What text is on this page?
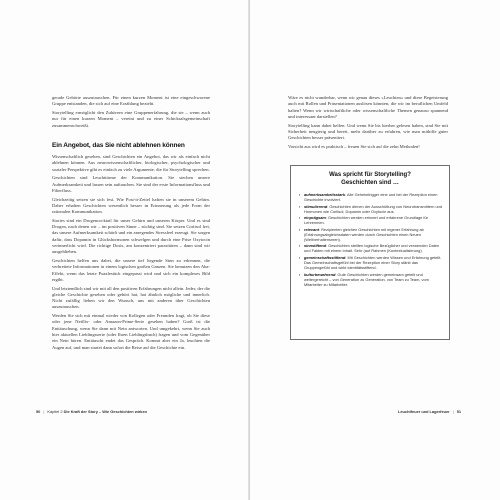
gerade Gehörte auszutauschen. Für einen kurzen Moment ist eine eingeschworene Gruppe entstanden, die sich auf eine Erzählung bezieht.

Storytelling ermöglicht den Zuhörern eine Gruppenerfahrung, die sie – wenn auch nur für einen kurzen Moment – vereint und zu einer Schicksalsgemeinschaft zusammenschweißt.

Ein Angebot, das Sie nicht ablehnen können

Wissenschaftlich gesehen, sind Geschichten ein Angebot, das wir als einfach nicht ablehnen können. Aus neurowissenschaftlicher, biologischer, psychologischer und sozialer Perspektive gibt es einfach zu viele Argumente, die für Storytelling sprechen.

Geschichten sind Leuchttürme der Kommunikation. Sie stechen unsere Aufmerksamkeit und lassen sein auftauchen. Sie sind der erste Informationsfluss und Filterfluss.

Gleichzeitig setzen sie sich fest. Wie Post-it-Zettel haften sie in unserem Gehirn. Daher erhalten Geschichten wesentlich besser in Erinnerung als jede Form der rationalen Kommunikation.

Stories sind ein Drogencocktail für unser Gehirn und unseren Körper. Und es sind Drogen, nach denen wir – im positiven Sinne – süchtig sind. Sie setzen Cortisol frei, das unsere Aufmerksamkeit schärft und ein anregendes Stressfeel erzeugt. Sie sorgen dafür, dass Dopamin in Glückshormonen schwelgen und durch eine Prise Oxytocin verinnerlicht wird. Die richtige Dosis, am konzentriert parasitären – dann sind wir ausgeblieben.

Geschichten helfen uns dabei, die unsere tief liegende Sinn zu erkennen, die verbreitete Informationen in einem logischen großen Ganzen. Sie benutzen den Aha-Effekt, wenn das letzte Puzzlestück eingepasst wird und sich ein komplexes Bild ergibt.

Und letztendlich sind wir mit all den positiven Erfahrungen nicht allein. Jeder, der die gleiche Geschichte gesehen oder gehört hat, hat ähnlich mögliche und innerlich. Nicht zufällig lieben wir den Wunsch, uns mit anderen über Geschichten auszutauschen.

Werden Sie sich mit einmal wieder von Kollegen oder Freunden fragt, ob Sie diese oder jene Netflix- oder Amazon-Prime-Serie gesehen haben? Groß ist die Enttäuschung, wenn Sie dann mit Nein antworten. Und umgekehrt, wenn Sie auch hier aktuellen Lieblingsserie (oder Ihren Lieblingsbuch) fragen und vom Gegenüber ein Nein hören. Enttäuscht endet das Gespräch. Kommt aber ein Ja, leuchten die Augen auf, und man startet dann sofort die Reise auf die Geschichte ein.

50 | Kapitel 2 Die Kraft der Story – Wie Geschichten wirken

Wäre es nicht wunderbar, wenn wir genau dieses »Leuchten« und diese Begeisterung auch mit Rollen und Präsentationen auslösen könnten, die wir im beruflichen Umfeld halten? Wenn wir wirtschaftliche oder wissenschaftliche Themen genauso spannend und interessant darstellen?

Storytelling kann dabei helfen. Und wenn Sie bis hierher gelesen haben, sind Sie mit Sicherheit neugierig und bereit, mehr darüber zu erfahren, wie man mithilfe guter Geschichten besser präsentiert.

Vorsicht aus wird es praktisch – freuen Sie sich auf die zehn Methoden!

Was spricht für Storytelling?
Geschichten sind …
▪ aufmerksamkeitsstark: Alle Geheimtrigger eine und bei der Rezeption einen Geschichte involviert.
▪ stimulierend: Geschichten dienen der Ausschüttung von Neurotransmittern und Hormonen wie Cortisol, Dopamin oder Oxytocin aus.
▪ einprägsam: Geschichten werden erinnert und erfahrene Grundlage für Lehrenmen.
▪ relevant: Rezipienten gleichen Geschichten mit eigener Erfahrung ab (Erfahrungsabgleichsdaten werden durch Geschichten einen Neuen (Weltverhaltensmen).
▪ sinnstiftend: Geschichten stellten logische Bezüglicher und verwenden Daten und Fakten mit einem Inhalt. Sehr (auf Rahmen (Kontextualisierung).
▪ gemeinschaftsstiftend: Mit Geschichten werden Wissen und Erfahrung geteilt. Das Gemeinschaftsgefühl bei der Rezeption einer Story stärkt das Gruppengefühl und wirkt identitätsstiftend.
▪ kulturbewahrend: Gute Geschichten werden gemeinsam geteilt und weitergereicht – von Generation zu Generation, von Team zu Team, vom Mitarbeiter zu Mitarbeiter.
Leuchtfeuer und Lagerfeuer | 51
